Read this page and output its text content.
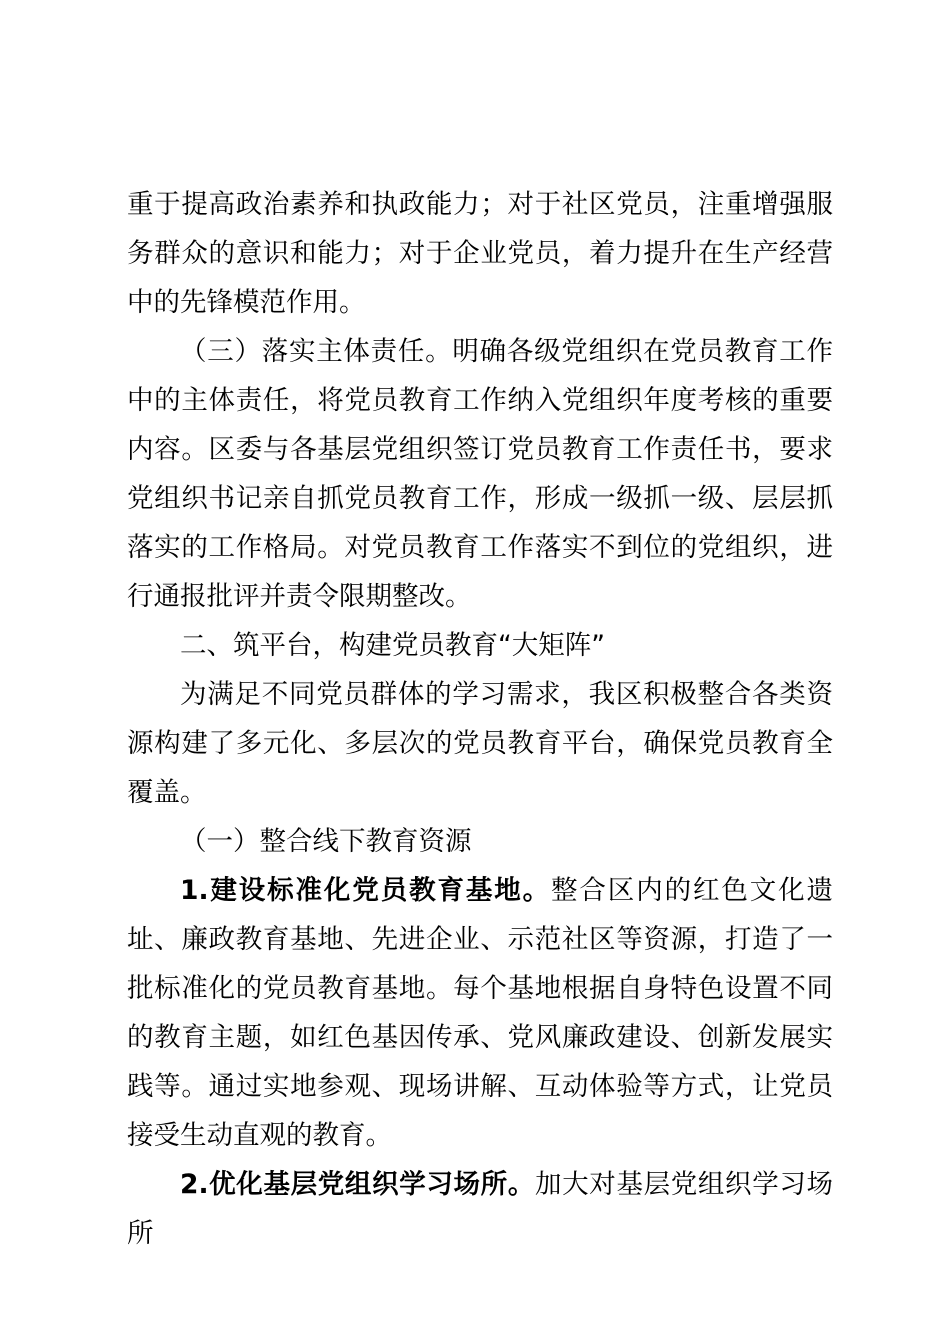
重于提高政治素养和执政能力；对于社区党员，注重增强服务群众的意识和能力；对于企业党员，着力提升在生产经营中的先锋模范作用。

（三）落实主体责任。明确各级党组织在党员教育工作中的主体责任，将党员教育工作纳入党组织年度考核的重要内容。区委与各基层党组织签订党员教育工作责任书，要求党组织书记亲自抓党员教育工作，形成一级抓一级、层层抓落实的工作格局。对党员教育工作落实不到位的党组织，进行通报批评并责令限期整改。

二、筑平台，构建党员教育“大矩阵”

为满足不同党员群体的学习需求，我区积极整合各类资源构建了多元化、多层次的党员教育平台，确保党员教育全覆盖。

（一）整合线下教育资源

1.建设标准化党员教育基地。整合区内的红色文化遗址、廉政教育基地、先进企业、示范社区等资源，打造了一批标准化的党员教育基地。每个基地根据自身特色设置不同的教育主题，如红色基因传承、党风廉政建设、创新发展实践等。通过实地参观、现场讲解、互动体验等方式，让党员接受生动直观的教育。

2.优化基层党组织学习场所。加大对基层党组织学习场所
